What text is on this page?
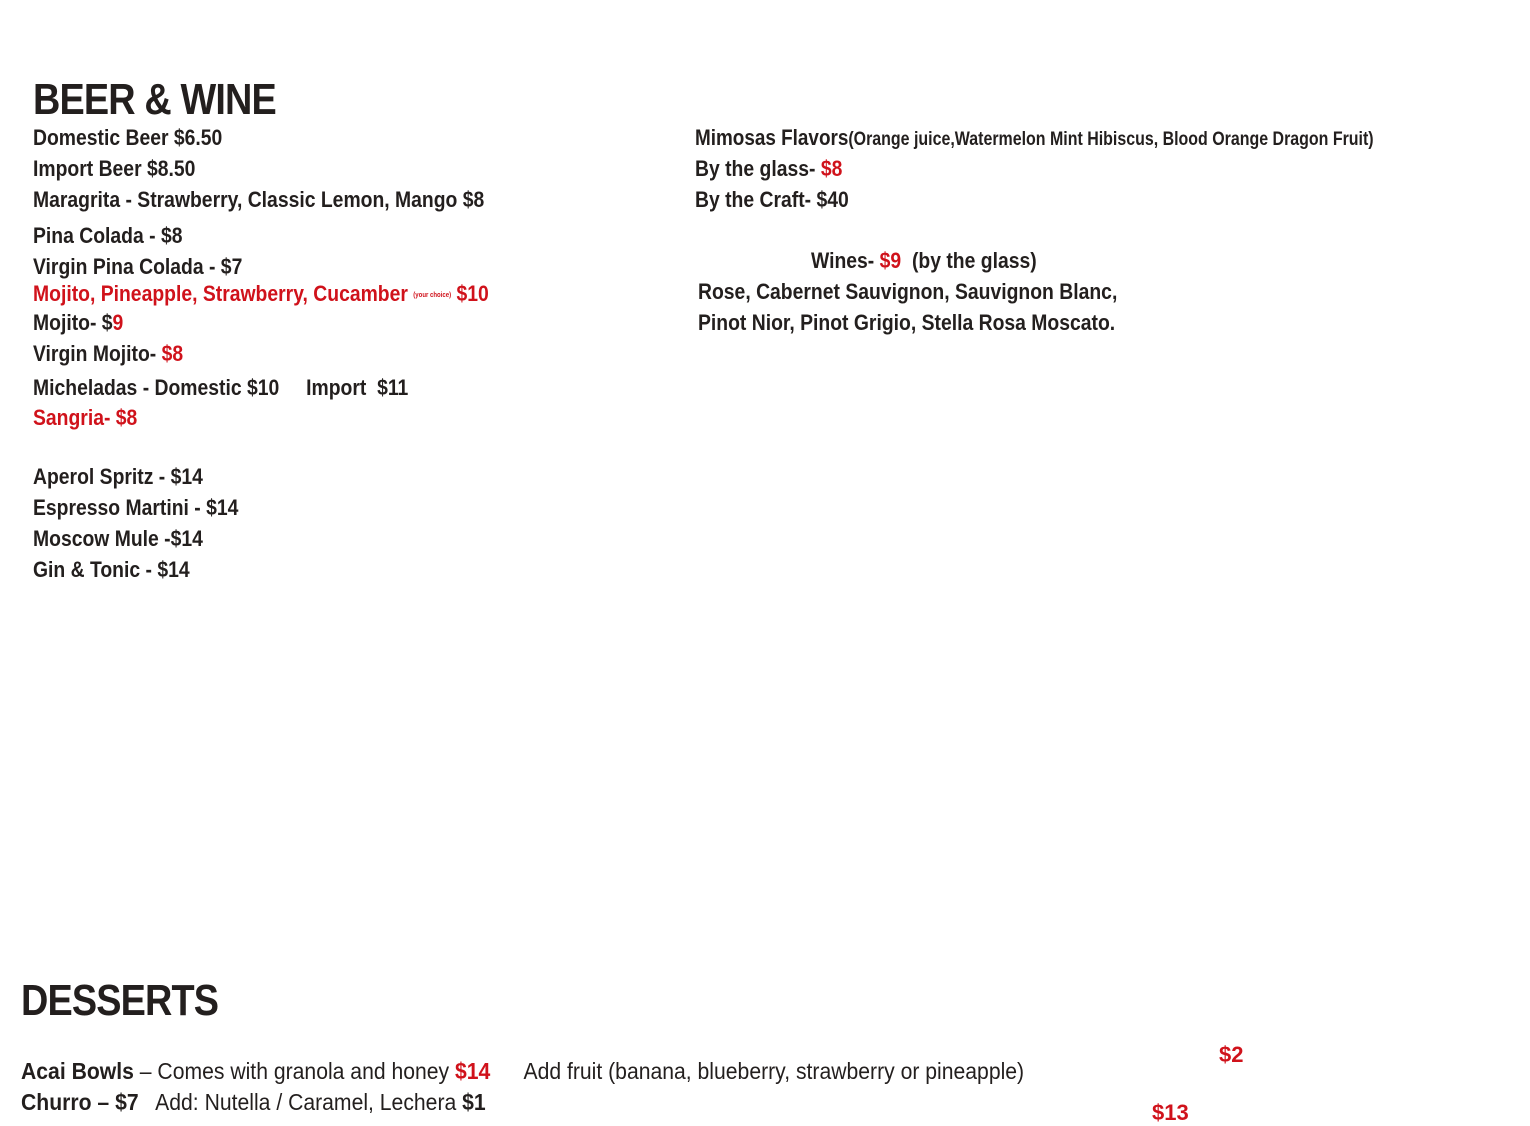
BEER & WINE
Domestic Beer $6.50
Import Beer $8.50
Maragrita - Strawberry, Classic Lemon, Mango $8
Pina Colada - $8
Virgin Pina Colada - $7
Mojito, Pineapple, Strawberry, Cucamber (your choice) $10
Mojito- $9
Virgin Mojito- $8
Micheladas - Domestic $10     Import  $11
Sangria- $8
Aperol Spritz - $14
Espresso Martini - $14
Moscow Mule -$14
Gin & Tonic - $14
Mimosas Flavors(Orange juice,Watermelon Mint Hibiscus, Blood Orange Dragon Fruit)
By the glass- $8
By the Craft- $40
Wines- $9 (by the glass)
Rose, Cabernet Sauvignon, Sauvignon Blanc,
Pinot Nior, Pinot Grigio, Stella Rosa Moscato.
DESSERTS
Acai Bowls – Comes with granola and honey $14 Add fruit (banana, blueberry, strawberry or pineapple)
$2
Churro – $7 Add: Nutella / Caramel, Lechera $1	$13
